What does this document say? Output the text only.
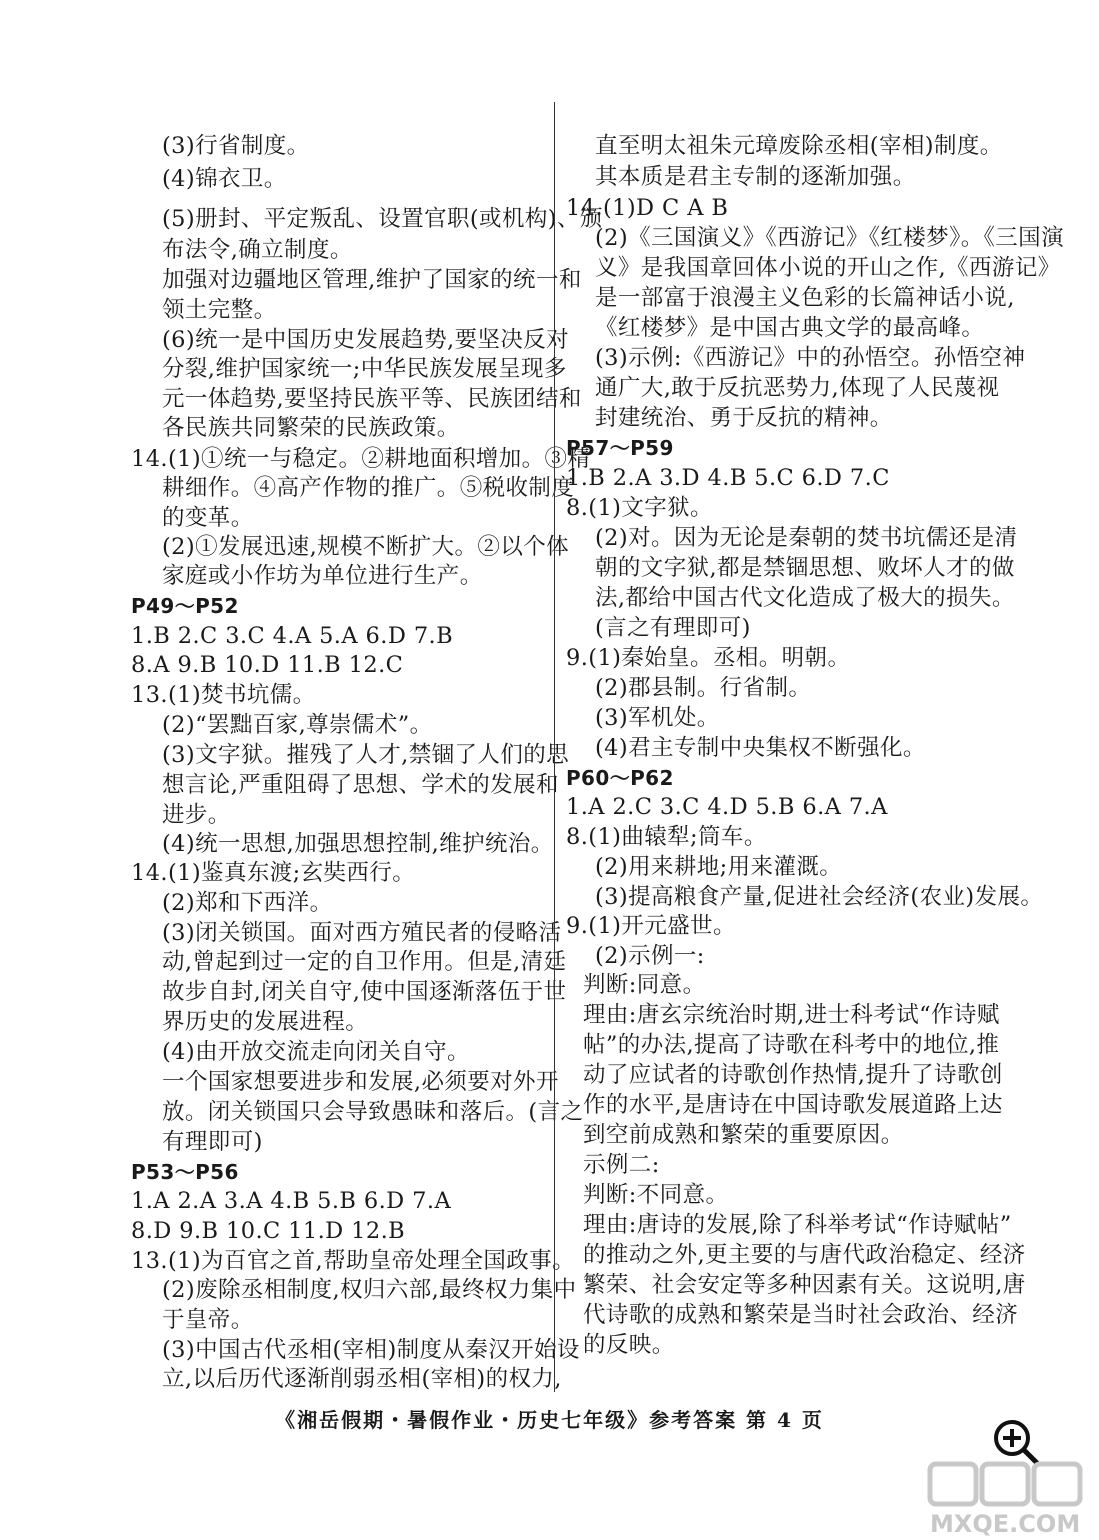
(3)行省制度。
(4)锦衣卫。
(5)册封、平定叛乱、设置官职(或机构)、颁
布法令,确立制度。
加强对边疆地区管理,维护了国家的统一和
领土完整。
(6)统一是中国历史发展趋势,要坚决反对
分裂,维护国家统一;中华民族发展呈现多
元一体趋势,要坚持民族平等、民族团结和
各民族共同繁荣的民族政策。
14.(1)①统一与稳定。②耕地面积增加。③精
耕细作。④高产作物的推广。⑤税收制度
的变革。
(2)①发展迅速,规模不断扩大。②以个体
家庭或小作坊为单位进行生产。
P49～P52
1.B 2.C 3.C 4.A 5.A 6.D 7.B
8.A 9.B 10.D 11.B 12.C
13.(1)焚书坑儒。
(2)“罢黜百家,尊崇儒术”。
(3)文字狱。摧残了人才,禁锢了人们的思
想言论,严重阻碍了思想、学术的发展和
进步。
(4)统一思想,加强思想控制,维护统治。
14.(1)鉴真东渡;玄奘西行。
(2)郑和下西洋。
(3)闭关锁国。面对西方殖民者的侵略活
动,曾起到过一定的自卫作用。但是,清廷
故步自封,闭关自守,使中国逐渐落伍于世
界历史的发展进程。
(4)由开放交流走向闭关自守。
一个国家想要进步和发展,必须要对外开
放。闭关锁国只会导致愚昧和落后。(言之
有理即可)
P53～P56
1.A 2.A 3.A 4.B 5.B 6.D 7.A
8.D 9.B 10.C 11.D 12.B
13.(1)为百官之首,帮助皇帝处理全国政事。
(2)废除丞相制度,权归六部,最终权力集中
于皇帝。
(3)中国古代丞相(宰相)制度从秦汉开始设
立,以后历代逐渐削弱丞相(宰相)的权力,
直至明太祖朱元璋废除丞相(宰相)制度。
其本质是君主专制的逐渐加强。
14.(1)D C A B
(2)《三国演义》《西游记》《红楼梦》。《三国演
义》是我国章回体小说的开山之作,《西游记》
是一部富于浪漫主义色彩的长篇神话小说,
《红楼梦》是中国古典文学的最高峰。
(3)示例:《西游记》中的孙悟空。孙悟空神
通广大,敢于反抗恶势力,体现了人民蔑视
封建统治、勇于反抗的精神。
P57～P59
1.B 2.A 3.D 4.B 5.C 6.D 7.C
8.(1)文字狱。
(2)对。因为无论是秦朝的焚书坑儒还是清
朝的文字狱,都是禁锢思想、败坏人才的做
法,都给中国古代文化造成了极大的损失。
(言之有理即可)
9.(1)秦始皇。丞相。明朝。
(2)郡县制。行省制。
(3)军机处。
(4)君主专制中央集权不断强化。
P60～P62
1.A 2.C 3.C 4.D 5.B 6.A 7.A
8.(1)曲辕犁;筒车。
(2)用来耕地;用来灌溉。
(3)提高粮食产量,促进社会经济(农业)发展。
9.(1)开元盛世。
(2)示例一:
判断:同意。
理由:唐玄宗统治时期,进士科考试“作诗赋
帖”的办法,提高了诗歌在科考中的地位,推
动了应试者的诗歌创作热情,提升了诗歌创
作的水平,是唐诗在中国诗歌发展道路上达
到空前成熟和繁荣的重要原因。
示例二:
判断:不同意。
理由:唐诗的发展,除了科举考试“作诗赋帖”
的推动之外,更主要的与唐代政治稳定、经济
繁荣、社会安定等多种因素有关。这说明,唐
代诗歌的成熟和繁荣是当时社会政治、经济
的反映。
《湘岳假期・暑假作业・历史七年级》参考答案 第 4 页
MXQE.COM
